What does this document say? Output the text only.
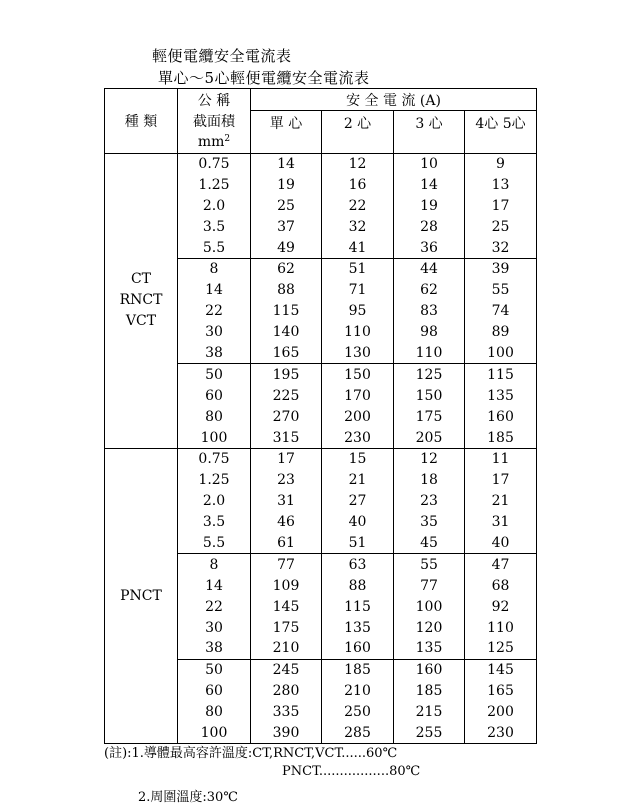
輕便電纜安全電流表
單心～5心輕便電纜安全電流表
種 類	公 稱	安 全 電 流 (A)			
	截面積	單 心	2 心	3 心	4心 5心
	$mm^2$

CT
RNCT
VCT	0.75	14	12	10	9
	1.25	19	16	14	13
	2.0	25	22	19	17
	3.5	37	32	28	25
	5.5	49	41	36	32
	8	62	51	44	39
	14	88	71	62	55
	22	115	95	83	74
	30	140	110	98	89
	38	165	130	110	100
	50	195	150	125	115
	60	225	170	150	135
	80	270	200	175	160
	100	315	230	205	185

PNCT	0.75	17	15	12	11
	1.25	23	21	18	17
	2.0	31	27	23	21
	3.5	46	40	35	31
	5.5	61	51	45	40
	8	77	63	55	47
	14	109	88	77	68
	22	145	115	100	92
	30	175	135	120	110
	38	210	160	135	125
	50	245	185	160	145
	60	280	210	185	165
	80	335	250	215	200
	100	390	285	255	230
(註):1.導體最高容許溫度:CT,RNCT,VCT......60℃
PNCT.................80℃
2.周圍溫度:30℃
